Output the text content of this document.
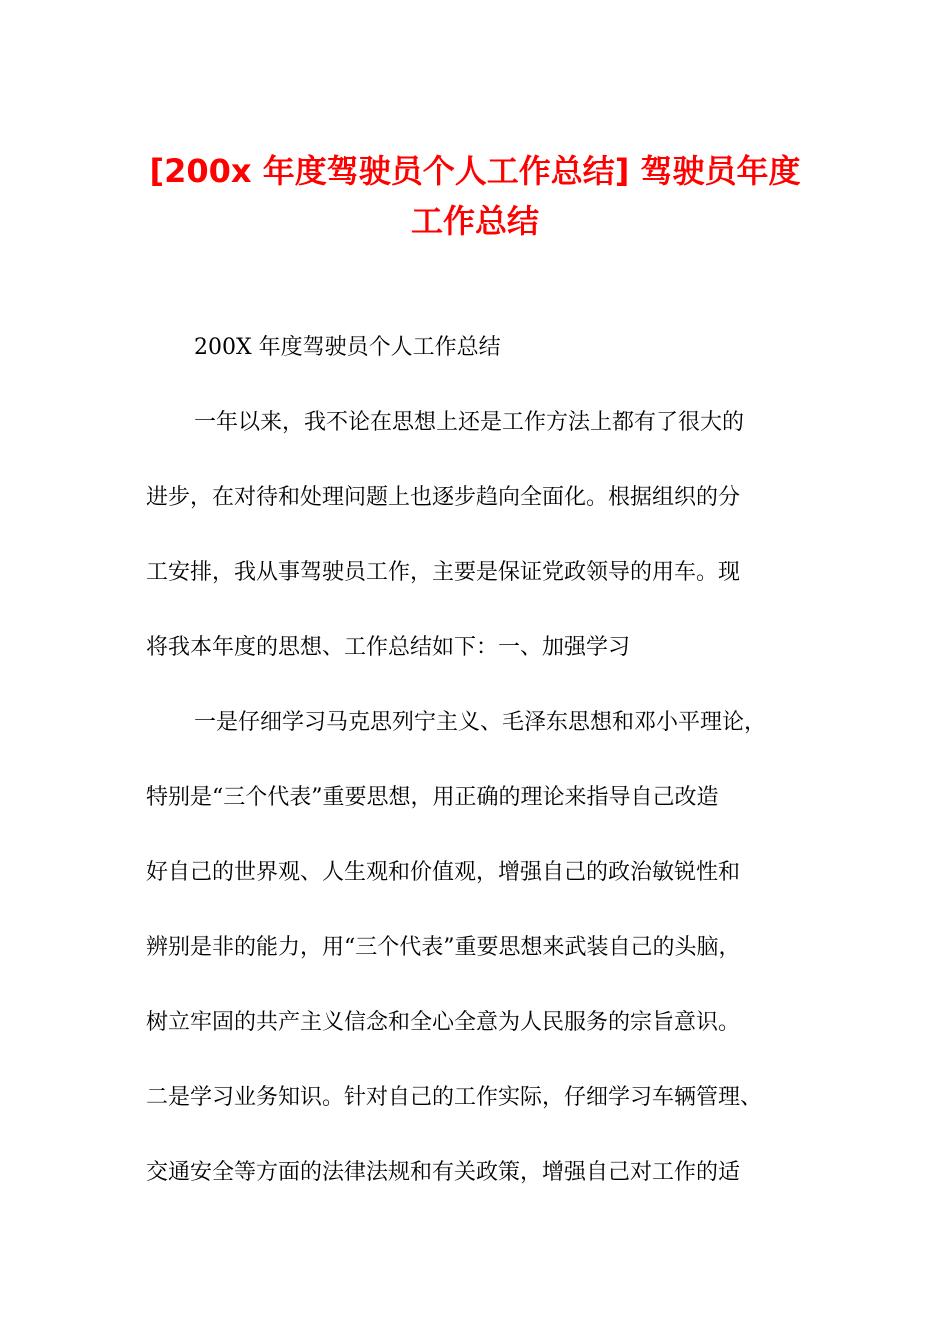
[200x 年度驾驶员个人工作总结] 驾驶员年度
工作总结
200X 年度驾驶员个人工作总结
一年以来，我不论在思想上还是工作方法上都有了很大的
进步，在对待和处理问题上也逐步趋向全面化。根据组织的分
工安排，我从事驾驶员工作，主要是保证党政领导的用车。现
将我本年度的思想、工作总结如下：一、加强学习
一是仔细学习马克思列宁主义、毛泽东思想和邓小平理论，
特别是“三个代表”重要思想，用正确的理论来指导自己改造
好自己的世界观、人生观和价值观，增强自己的政治敏锐性和
辨别是非的能力，用“三个代表”重要思想来武装自己的头脑，
树立牢固的共产主义信念和全心全意为人民服务的宗旨意识。
二是学习业务知识。针对自己的工作实际，仔细学习车辆管理、
交通安全等方面的法律法规和有关政策，增强自己对工作的适
